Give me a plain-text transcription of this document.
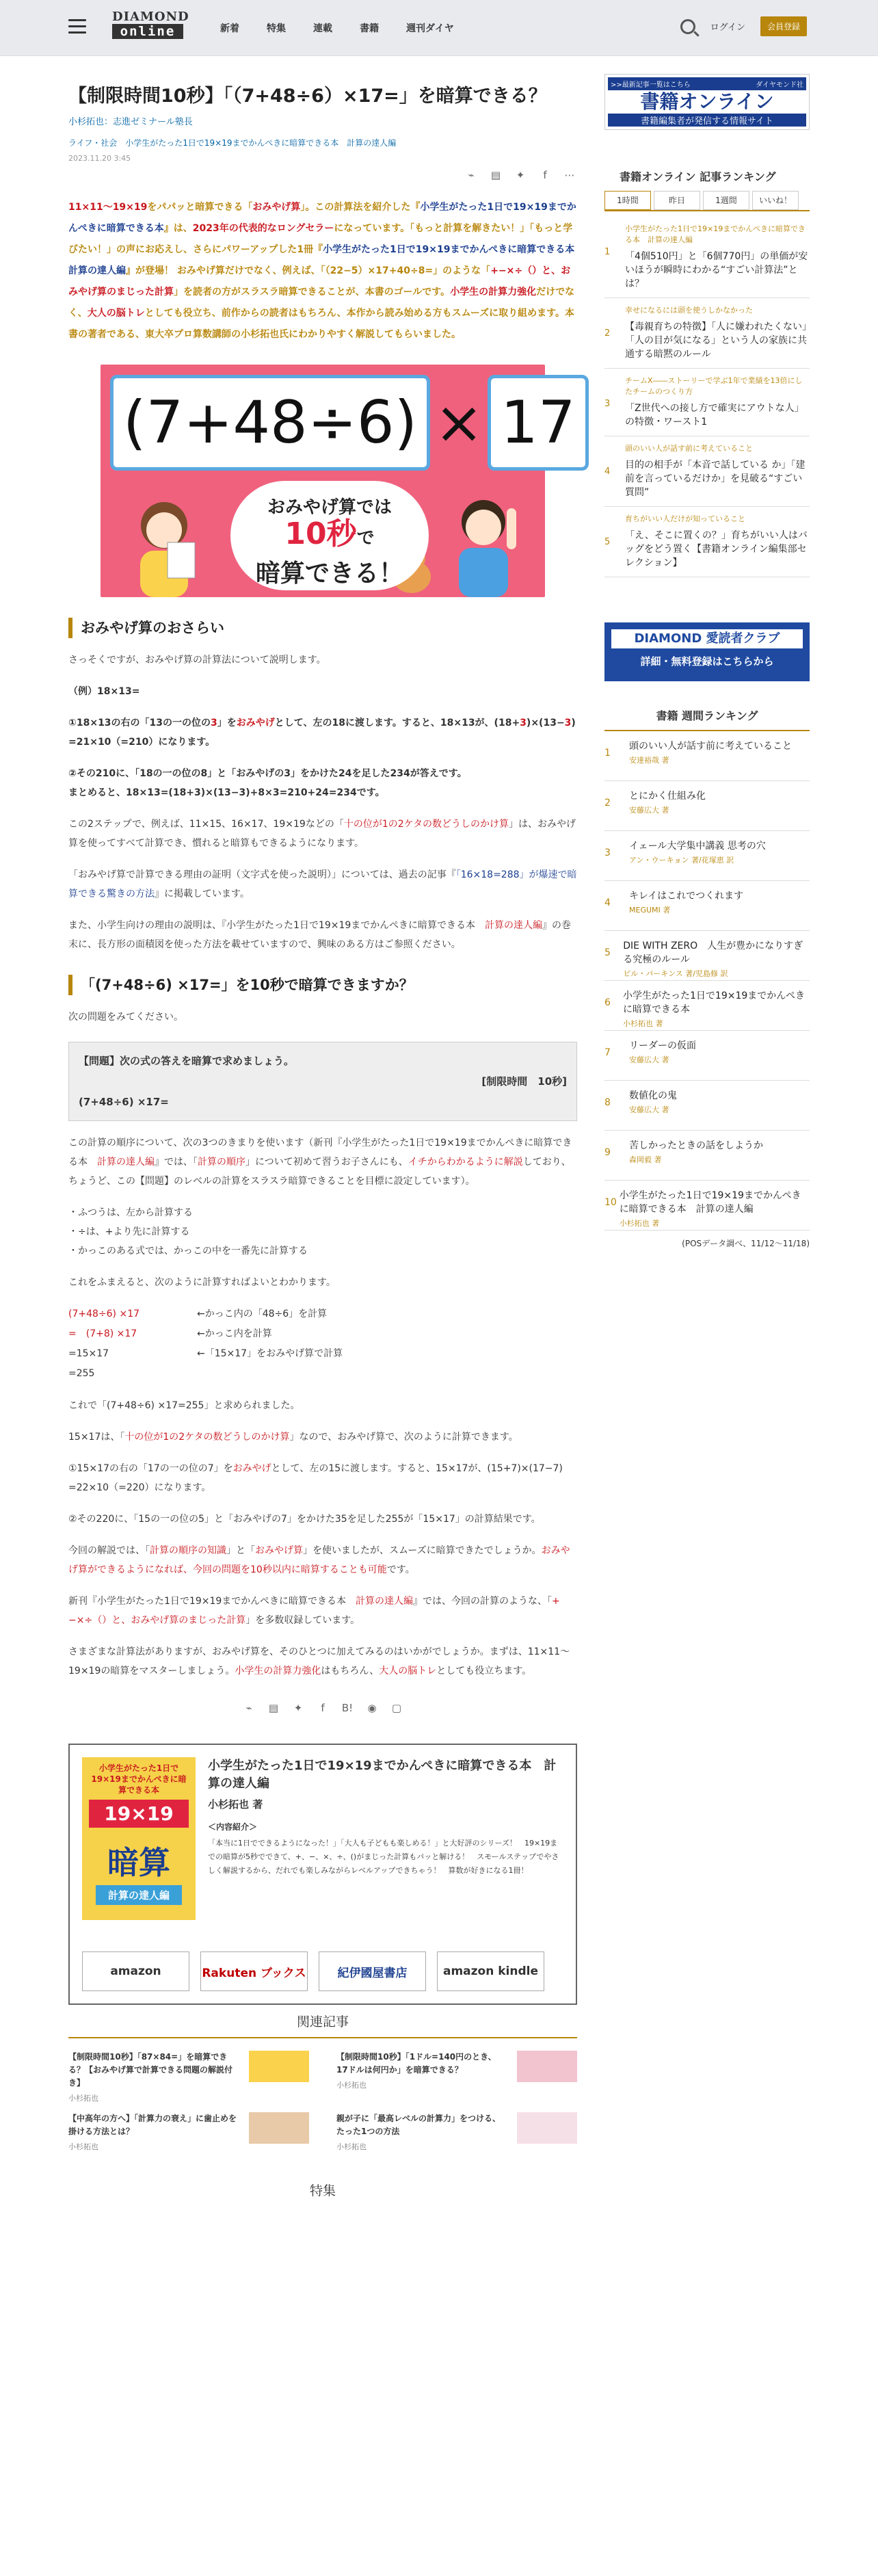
DIAMOND
online	新着	特集	連載	書籍	週刊ダイヤ	ログイン	会員登録
【制限時間10秒】「（7+48÷6）×17=」を暗算できる？
小杉拓也：志進ゼミナール塾長
ライフ・社会　小学生がたった1日で19×19までかんぺきに暗算できる本　計算の達人編
2023.11.20 3:45
⌁	▤	✦	f	⋯
11×11〜19×19をパパッと暗算できる「おみやげ算」。この計算法を紹介した『小学生がたった1日で19×19までかんぺきに暗算できる本』は、2023年の代表的なロングセラーになっています。「もっと計算を解きたい！」「もっと学びたい！」の声にお応えし、さらにパワーアップした1冊『小学生がたった1日で19×19までかんぺきに暗算できる本　計算の達人編』が登場！ おみやげ算だけでなく、例えば、「（22−5）×17+40÷8=」のような「+−×÷（）と、おみやげ算のまじった計算」を読者の方がスラスラ暗算できることが、本書のゴールです。小学生の計算力強化だけでなく、大人の脳トレとしても役立ち、前作からの読者はもちろん、本作から読み始める方もスムーズに取り組めます。本書の著者である、東大卒プロ算数講師の小杉拓也氏にわかりやすく解説してもらいました。
(7+48÷6) × 17
おみやげ算では
10秒で
暗算できる！
おみやげ算のおさらい

さっそくですが、おみやげ算の計算法について説明します。

（例）18×13=

①18×13の右の「13の一の位の3」をおみやげとして、左の18に渡します。すると、18×13が、(18+3)×(13−3)　=21×10（=210）になります。

②その210に、「18の一の位の8」と「おみやげの3」をかけた24を足した234が答えです。
まとめると、18×13=(18+3)×(13−3)+8×3=210+24=234です。

この2ステップで、例えば、11×15、16×17、19×19などの「十の位が1の2ケタの数どうしのかけ算」は、おみやげ算を使ってすべて計算でき、慣れると暗算もできるようになります。

「おみやげ算で計算できる理由の証明（文字式を使った説明）」については、過去の記事『「16×18=288」が爆速で暗算できる驚きの方法』に掲載しています。

また、小学生向けの理由の説明は、『小学生がたった1日で19×19までかんぺきに暗算できる本　計算の達人編』の巻末に、長方形の面積図を使った方法を載せていますので、興味のある方はご参照ください。

「(7+48÷6) ×17=」を10秒で暗算できますか？

次の問題をみてください。

【問題】次の式の答えを暗算で求めましょう。
[制限時間　10秒]
(7+48÷6) ×17=

この計算の順序について、次の3つのきまりを使います（新刊『小学生がたった1日で19×19までかんぺきに暗算できる本　計算の達人編』では、「計算の順序」について初めて習うお子さんにも、イチからわかるように解説しており、ちょうど、この【問題】のレベルの計算をスラスラ暗算できることを目標に設定しています）。

・ふつうは、左から計算する
・÷は、+より先に計算する
・かっこのある式では、かっこの中を一番先に計算する

これをふまえると、次のように計算すればよいとわかります。

(7+48÷6) ×17	←かっこ内の「48÷6」を計算
=　(7+8) ×17	←かっこ内を計算
=15×17	←「15×17」をおみやげ算で計算
=255

これで「(7+48÷6) ×17=255」と求められました。

15×17は、「十の位が1の2ケタの数どうしのかけ算」なので、おみやげ算で、次のように計算できます。

①15×17の右の「17の一の位の7」をおみやげとして、左の15に渡します。すると、15×17が、(15+7)×(17−7)　=22×10（=220）になります。

②その220に、「15の一の位の5」と「おみやげの7」をかけた35を足した255が「15×17」の計算結果です。

今回の解説では、「計算の順序の知識」と「おみやげ算」を使いましたが、スムーズに暗算できたでしょうか。おみやげ算ができるようになれば、今回の問題を10秒以内に暗算することも可能です。

新刊『小学生がたった1日で19×19までかんぺきに暗算できる本　計算の達人編』では、今回の計算のような、「+−×÷（）と、おみやげ算のまじった計算」を多数収録しています。

さまざまな計算法がありますが、おみやげ算を、そのひとつに加えてみるのはいかがでしょうか。まずは、11×11〜19×19の暗算をマスターしましょう。小学生の計算力強化はもちろん、大人の脳トレとしても役立ちます。

⌁	▤	✦	f	B! ◉ ▢
小学生がたった1日で19×19までかんぺきに暗算できる本
19×19
暗算
計算の達人編
小学生がたった1日で19×19までかんぺきに暗算できる本　計算の達人編
小杉拓也 著
＜内容紹介＞
「本当に1日でできるようになった！」「大人も子どもも楽しめる！」と大好評のシリーズ！　19×19までの暗算が5秒でできて、+、−、×、÷、()がまじった計算もパッと解ける！　スモールステップでやさしく解説するから、だれでも楽しみながらレベルアップできちゃう！　算数が好きになる1冊！
amazon	Rakuten ブックス	紀伊國屋書店	amazon kindle
関連記事
【制限時間10秒】「87×84=」を暗算できる？【おみやげ算で計算できる問題の解説付き】
小杉拓也
【制限時間10秒】「1ドル=140円のとき、17ドルは何円か」を暗算できる？
小杉拓也
【中高年の方へ】「計算力の衰え」に歯止めを掛ける方法とは？
小杉拓也
親が子に「最高レベルの計算力」をつける、たった1つの方法
小杉拓也
特集
>>最新記事一覧はこちら	ダイヤモンド社
書籍オンライン
書籍編集者が発信する情報サイト
書籍オンライン 記事ランキング
1時間	昨日	1週間	いいね！
1
小学生がたった1日で19×19までかんぺきに暗算できる本　計算の達人編
「4個510円」と「6個770円」の単価が安いほうが瞬時にわかる“すごい計算法”とは？
2
幸せになるには頭を使うしかなかった
【毒親育ちの特徴】「人に嫌われたくない」「人の目が気になる」という人の家族に共通する暗黙のルール
3
チームX――ストーリーで学ぶ1年で業績を13倍にしたチームのつくり方
「Z世代への接し方で確実にアウトな人」の特徴・ワースト1
4
頭のいい人が話す前に考えていること
目的の相手が「本音で話している か」「建前を言っているだけか」を見破る“すごい質問”
5
育ちがいい人だけが知っていること
「え、そこに置くの？」育ちがいい人はバッグをどう置く【書籍オンライン編集部セレクション】
DIAMOND 愛読者クラブ
詳細・無料登録はこちらから
書籍 週間ランキング
1
頭のいい人が話す前に考えていること
安達裕哉 著
2
とにかく仕組み化
安藤広大 著
3
イェール大学集中講義 思考の穴
アン・ウーキョン 著/花塚恵 訳
4
キレイはこれでつくれます
MEGUMI 著
5
DIE WITH ZERO　人生が豊かになりすぎる究極のルール
ビル・パーキンス 著/児島修 訳
6
小学生がたった1日で19×19までかんぺきに暗算できる本
小杉拓也 著
7
リーダーの仮面
安藤広大 著
8
数値化の鬼
安藤広大 著
9
苦しかったときの話をしようか
森岡毅 著
10
小学生がたった1日で19×19までかんぺきに暗算できる本　計算の達人編
小杉拓也 著
(POSデータ調べ、11/12〜11/18)
